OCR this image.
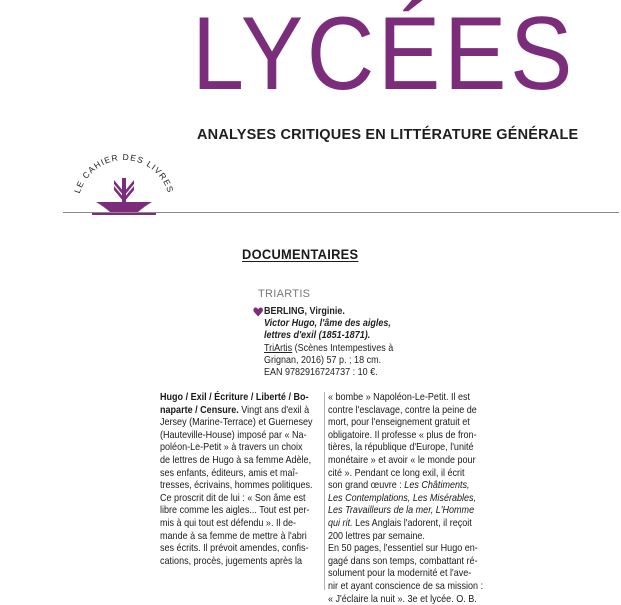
LYCÉES
ANALYSES CRITIQUES EN LITTÉRATURE GÉNÉRALE
LE CAHIER DES LIVRES
DOCUMENTAIRES
TRIARTIS
BERLING, Virginie.
Victor Hugo, l'âme des aigles,
lettres d'exil (1851-1871).
TriArtis (Scènes Intempestives à
Grignan, 2016) 57 p. ; 18 cm.
EAN 9782916724737 : 10 €.
Hugo / Exil / Écriture / Liberté / Bo-
naparte / Censure. Vingt ans d'exil à
Jersey (Marine-Terrace) et Guernesey
(Hauteville-House) imposé par « Na-
poléon-Le-Petit » à travers un choix
de lettres de Hugo à sa femme Adèle,
ses enfants, éditeurs, amis et maî-
tresses, écrivains, hommes politiques.
Ce proscrit dit de lui : « Son âme est
libre comme les aigles... Tout est per-
mis à qui tout est défendu ». Il de-
mande à sa femme de mettre à l'abri
ses écrits. Il prévoit amendes, confis-
cations, procès, jugements après la
« bombe » Napoléon-Le-Petit. Il est
contre l'esclavage, contre la peine de
mort, pour l'enseignement gratuit et
obligatoire. Il professe « plus de fron-
tières, la république d'Europe, l'unité
monétaire » et avoir « le monde pour
cité ». Pendant ce long exil, il écrit
son grand œuvre : Les Châtiments,
Les Contemplations, Les Misérables,
Les Travailleurs de la mer, L'Homme
qui rit. Les Anglais l'adorent, il reçoit
200 lettres par semaine.
En 50 pages, l'essentiel sur Hugo en-
gagé dans son temps, combattant ré-
solument pour la modernité et l'ave-
nir et ayant conscience de sa mission :
« J'éclaire la nuit ». 3e et lycée. O. B.
